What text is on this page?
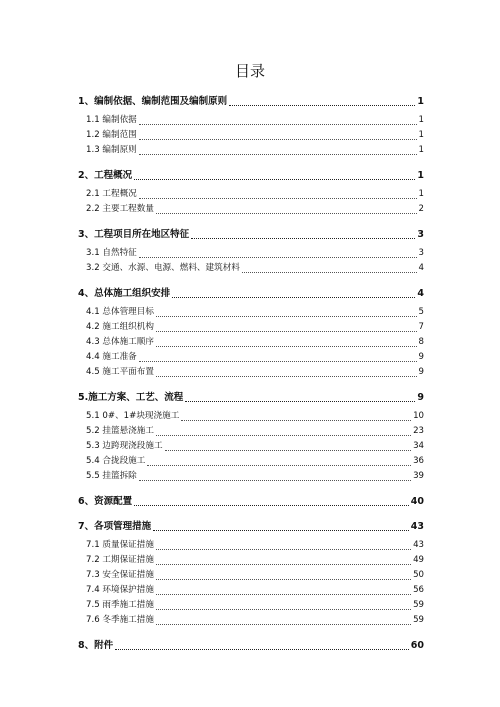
目录
1、编制依据、编制范围及编制原则	1
1.1 编制依据	1
1.2 编制范围	1
1.3 编制原则	1
2、工程概况	1
2.1 工程概况	1
2.2 主要工程数量	2
3、工程项目所在地区特征	3
3.1 自然特征	3
3.2 交通、水源、电源、燃料、建筑材料	4
4、总体施工组织安排	4
4.1 总体管理目标	5
4.2 施工组织机构	7
4.3 总体施工顺序	8
4.4 施工准备	9
4.5 施工平面布置	9
5.施工方案、工艺、流程	9
5.1 0#、1#块现浇施工	10
5.2 挂篮悬浇施工	23
5.3 边跨现浇段施工	34
5.4 合拢段施工	36
5.5 挂篮拆除	39
6、资源配置	40
7、各项管理措施	43
7.1 质量保证措施	43
7.2 工期保证措施	49
7.3 安全保证措施	50
7.4 环境保护措施	56
7.5 雨季施工措施	59
7.6 冬季施工措施	59
8、附件	60
